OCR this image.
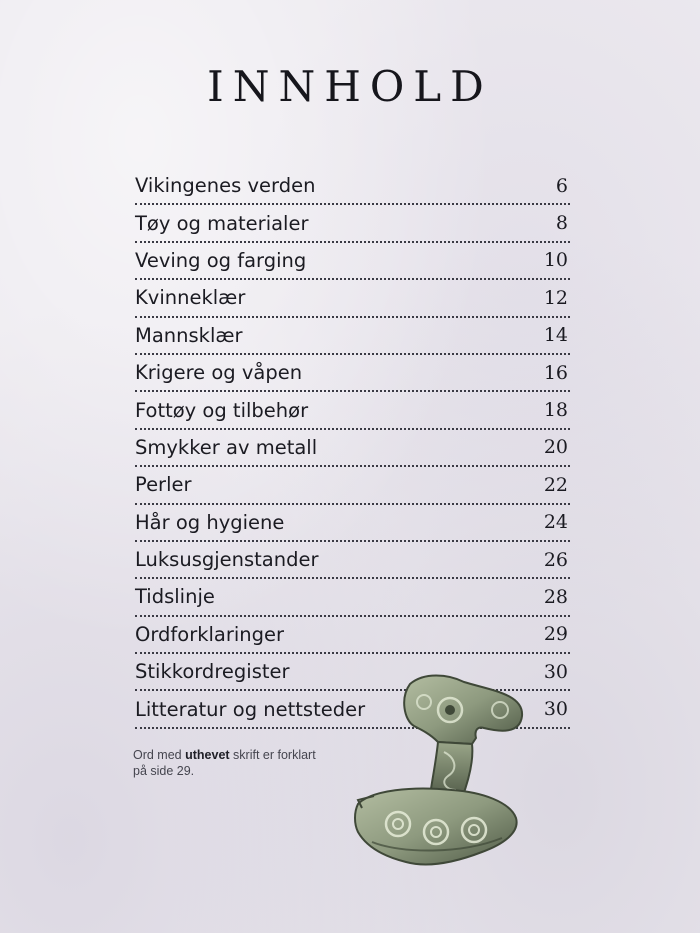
INNHOLD
Vikingenes verden	6
Tøy og materialer	8
Veving og farging	10
Kvinneklær	12
Mannsklær	14
Krigere og våpen	16
Fottøy og tilbehør	18
Smykker av metall	20
Perler	22
Hår og hygiene	24
Luksusgjenstander	26
Tidslinje	28
Ordforklaringer	29
Stikkordregister	30
Litteratur og nettsteder	30

Ord med uthevet skrift er forklart på side 29.
